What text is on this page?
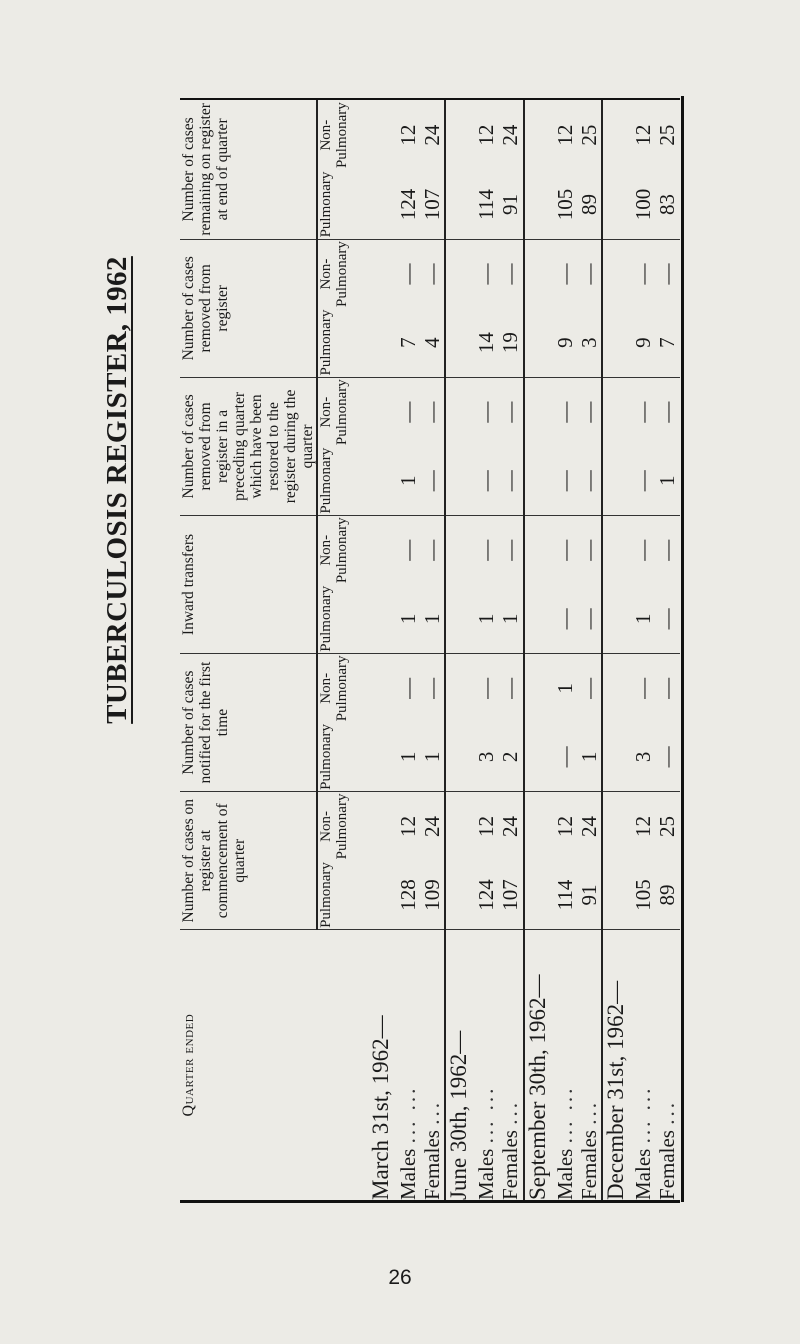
TUBERCULOSIS REGISTER, 1962
Quarter ended	Number of cases on register at commencement of quarter		Number of cases notified for the first time		Inward transfers		Number of cases removed from register in a preceding quarter which have been restored to the register during the quarter		Number of cases removed from register		Number of cases remaining on register at end of quarter	
	Pulmonary	Non-Pulmonary	Pulmonary	Non-Pulmonary	Pulmonary	Non-Pulmonary	Pulmonary	Non-Pulmonary	Pulmonary	Non-Pulmonary	Pulmonary	Non-Pulmonary
March 31st, 1962—												
Males ... ...	128	12	1	—	1	—	1	—	7	—	124	12
Females ...	109	24	1	—	1	—	—	—	4	—	107	24
June 30th, 1962—												
Males ... ...	124	12	3	—	1	—	—	—	14	—	114	12
Females ...	107	24	2	—	1	—	—	—	19	—	91	24
September 30th, 1962—												
Males ... ...	114	12	—	1	—	—	—	—	9	—	105	12
Females ...	91	24	1	—	—	—	—	—	3	—	89	25
December 31st, 1962—												
Males ... ...	105	12	3	—	1	—	—	—	9	—	100	12
Females ...	89	25	—	—	—	—	1	—	7	—	83	25
26
